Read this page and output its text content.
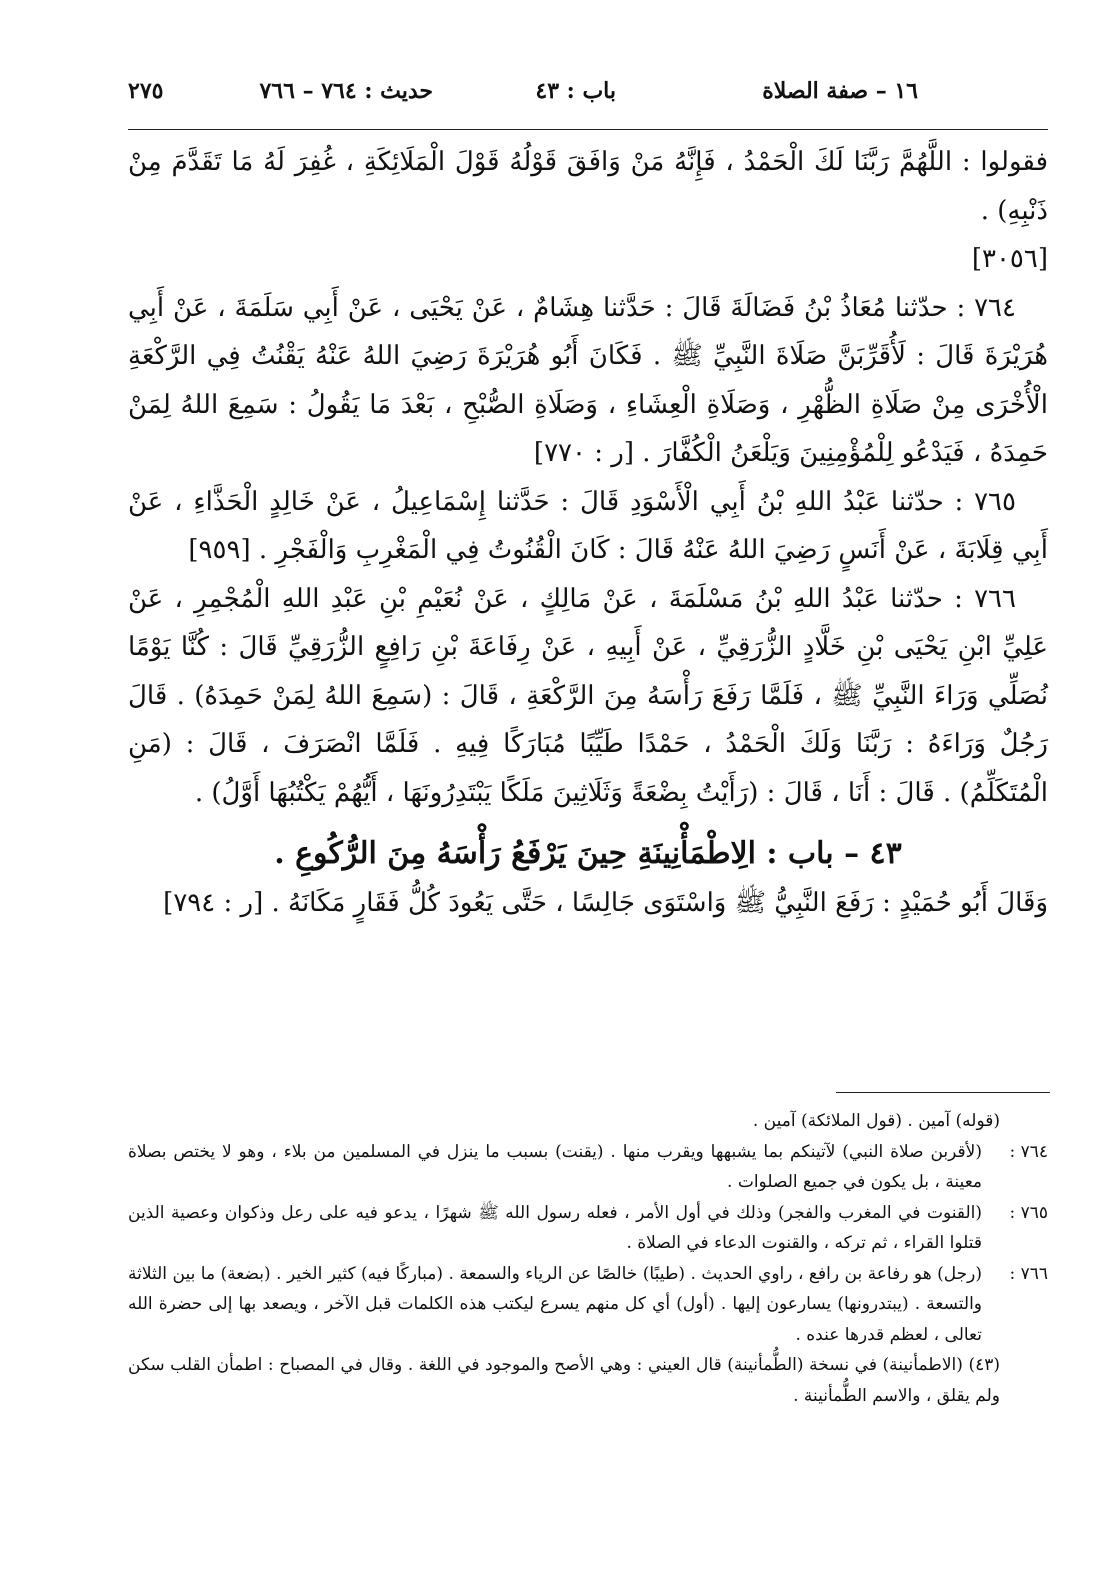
١٦ – صفة الصلاة
باب : ٤٣
حديث : ٧٦٤ – ٧٦٦
٢٧٥

فقولوا : اللَّهُمَّ رَبَّنَا لَكَ الْحَمْدُ ، فَإِنَّهُ مَنْ وَافَقَ قَوْلُهُ قَوْلَ الْمَلَائِكَةِ ، غُفِرَ لَهُ مَا تَقَدَّمَ مِنْ ذَنْبِهِ) .
[٣٠٥٦]

٧٦٤ : حدّثنا مُعَاذُ بْنُ فَضَالَةَ قَالَ : حَدَّثنا هِشَامٌ ، عَنْ يَحْيَى ، عَنْ أَبِي سَلَمَةَ ، عَنْ أَبِي هُرَيْرَةَ قَالَ : لَأُقَرِّبَنَّ صَلَاةَ النَّبِيِّ ﷺ . فَكَانَ أَبُو هُرَيْرَةَ رَضِيَ اللهُ عَنْهُ يَقْنُتُ فِي الرَّكْعَةِ الْأُخْرَى مِنْ صَلَاةِ الظُّهْرِ ، وَصَلَاةِ الْعِشَاءِ ، وَصَلَاةِ الصُّبْحِ ، بَعْدَ مَا يَقُولُ : سَمِعَ اللهُ لِمَنْ حَمِدَهُ ، فَيَدْعُو لِلْمُؤْمِنِينَ وَيَلْعَنُ الْكُفَّارَ . [ر : ٧٧٠]

٧٦٥ : حدّثنا عَبْدُ اللهِ بْنُ أَبِي الْأَسْوَدِ قَالَ : حَدَّثنا إِسْمَاعِيلُ ، عَنْ خَالِدٍ الْحَذَّاءِ ، عَنْ أَبِي قِلَابَةَ ، عَنْ أَنَسٍ رَضِيَ اللهُ عَنْهُ قَالَ : كَانَ الْقُنُوتُ فِي الْمَغْرِبِ وَالْفَجْرِ . [٩٥٩]

٧٦٦ : حدّثنا عَبْدُ اللهِ بْنُ مَسْلَمَةَ ، عَنْ مَالِكٍ ، عَنْ نُعَيْمِ بْنِ عَبْدِ اللهِ الْمُجْمِرِ ، عَنْ عَلِيِّ ابْنِ يَحْيَى بْنِ خَلَّادٍ الزُّرَقِيِّ ، عَنْ أَبِيهِ ، عَنْ رِفَاعَةَ بْنِ رَافِعٍ الزُّرَقِيِّ قَالَ : كُنَّا يَوْمًا نُصَلِّي وَرَاءَ النَّبِيِّ ﷺ ، فَلَمَّا رَفَعَ رَأْسَهُ مِنَ الرَّكْعَةِ ، قَالَ : (سَمِعَ اللهُ لِمَنْ حَمِدَهُ) . قَالَ رَجُلٌ وَرَاءَهُ : رَبَّنَا وَلَكَ الْحَمْدُ ، حَمْدًا طَيِّبًا مُبَارَكًا فِيهِ . فَلَمَّا انْصَرَفَ ، قَالَ : (مَنِ الْمُتَكَلِّمُ) . قَالَ : أَنَا ، قَالَ : (رَأَيْتُ بِضْعَةً وَثَلَاثِينَ مَلَكًا يَبْتَدِرُونَهَا ، أَيُّهُمْ يَكْتُبُهَا أَوَّلُ) .

٤٣ – باب : الِاطْمَأْنِينَةِ حِينَ يَرْفَعُ رَأْسَهُ مِنَ الرُّكُوعِ .

وَقَالَ أَبُو حُمَيْدٍ : رَفَعَ النَّبِيُّ ﷺ وَاسْتَوَى جَالِسًا ، حَتَّى يَعُودَ كُلُّ فَقَارٍ مَكَانَهُ . [ر : ٧٩٤]

(قوله) آمين . (قول الملائكة) آمين .

٧٦٤ :
(لأقربن صلاة النبي) لآتينكم بما يشبهها ويقرب منها . (يقنت) بسبب ما ينزل في المسلمين من بلاء ، وهو لا يختص بصلاة معينة ، بل يكون في جميع الصلوات .

٧٦٥ :
(القنوت في المغرب والفجر) وذلك في أول الأمر ، فعله رسول الله ﷺ شهرًا ، يدعو فيه على رعل وذكوان وعصية الذين قتلوا القراء ، ثم تركه ، والقنوت الدعاء في الصلاة .

٧٦٦ :
(رجل) هو رفاعة بن رافع ، راوي الحديث . (طيبًا) خالصًا عن الرياء والسمعة . (مباركًا فيه) كثير الخير . (بضعة) ما بين الثلاثة والتسعة . (يبتدرونها) يسارعون إليها . (أول) أي كل منهم يسرع ليكتب هذه الكلمات قبل الآخر ، ويصعد بها إلى حضرة الله تعالى ، لعظم قدرها عنده .

(٤٣) (الاطمأنينة) في نسخة (الطُّمأنينة) قال العيني : وهي الأصح والموجود في اللغة . وقال في المصباح : اطمأن القلب سكن ولم يقلق ، والاسم الطُّمأنينة .
